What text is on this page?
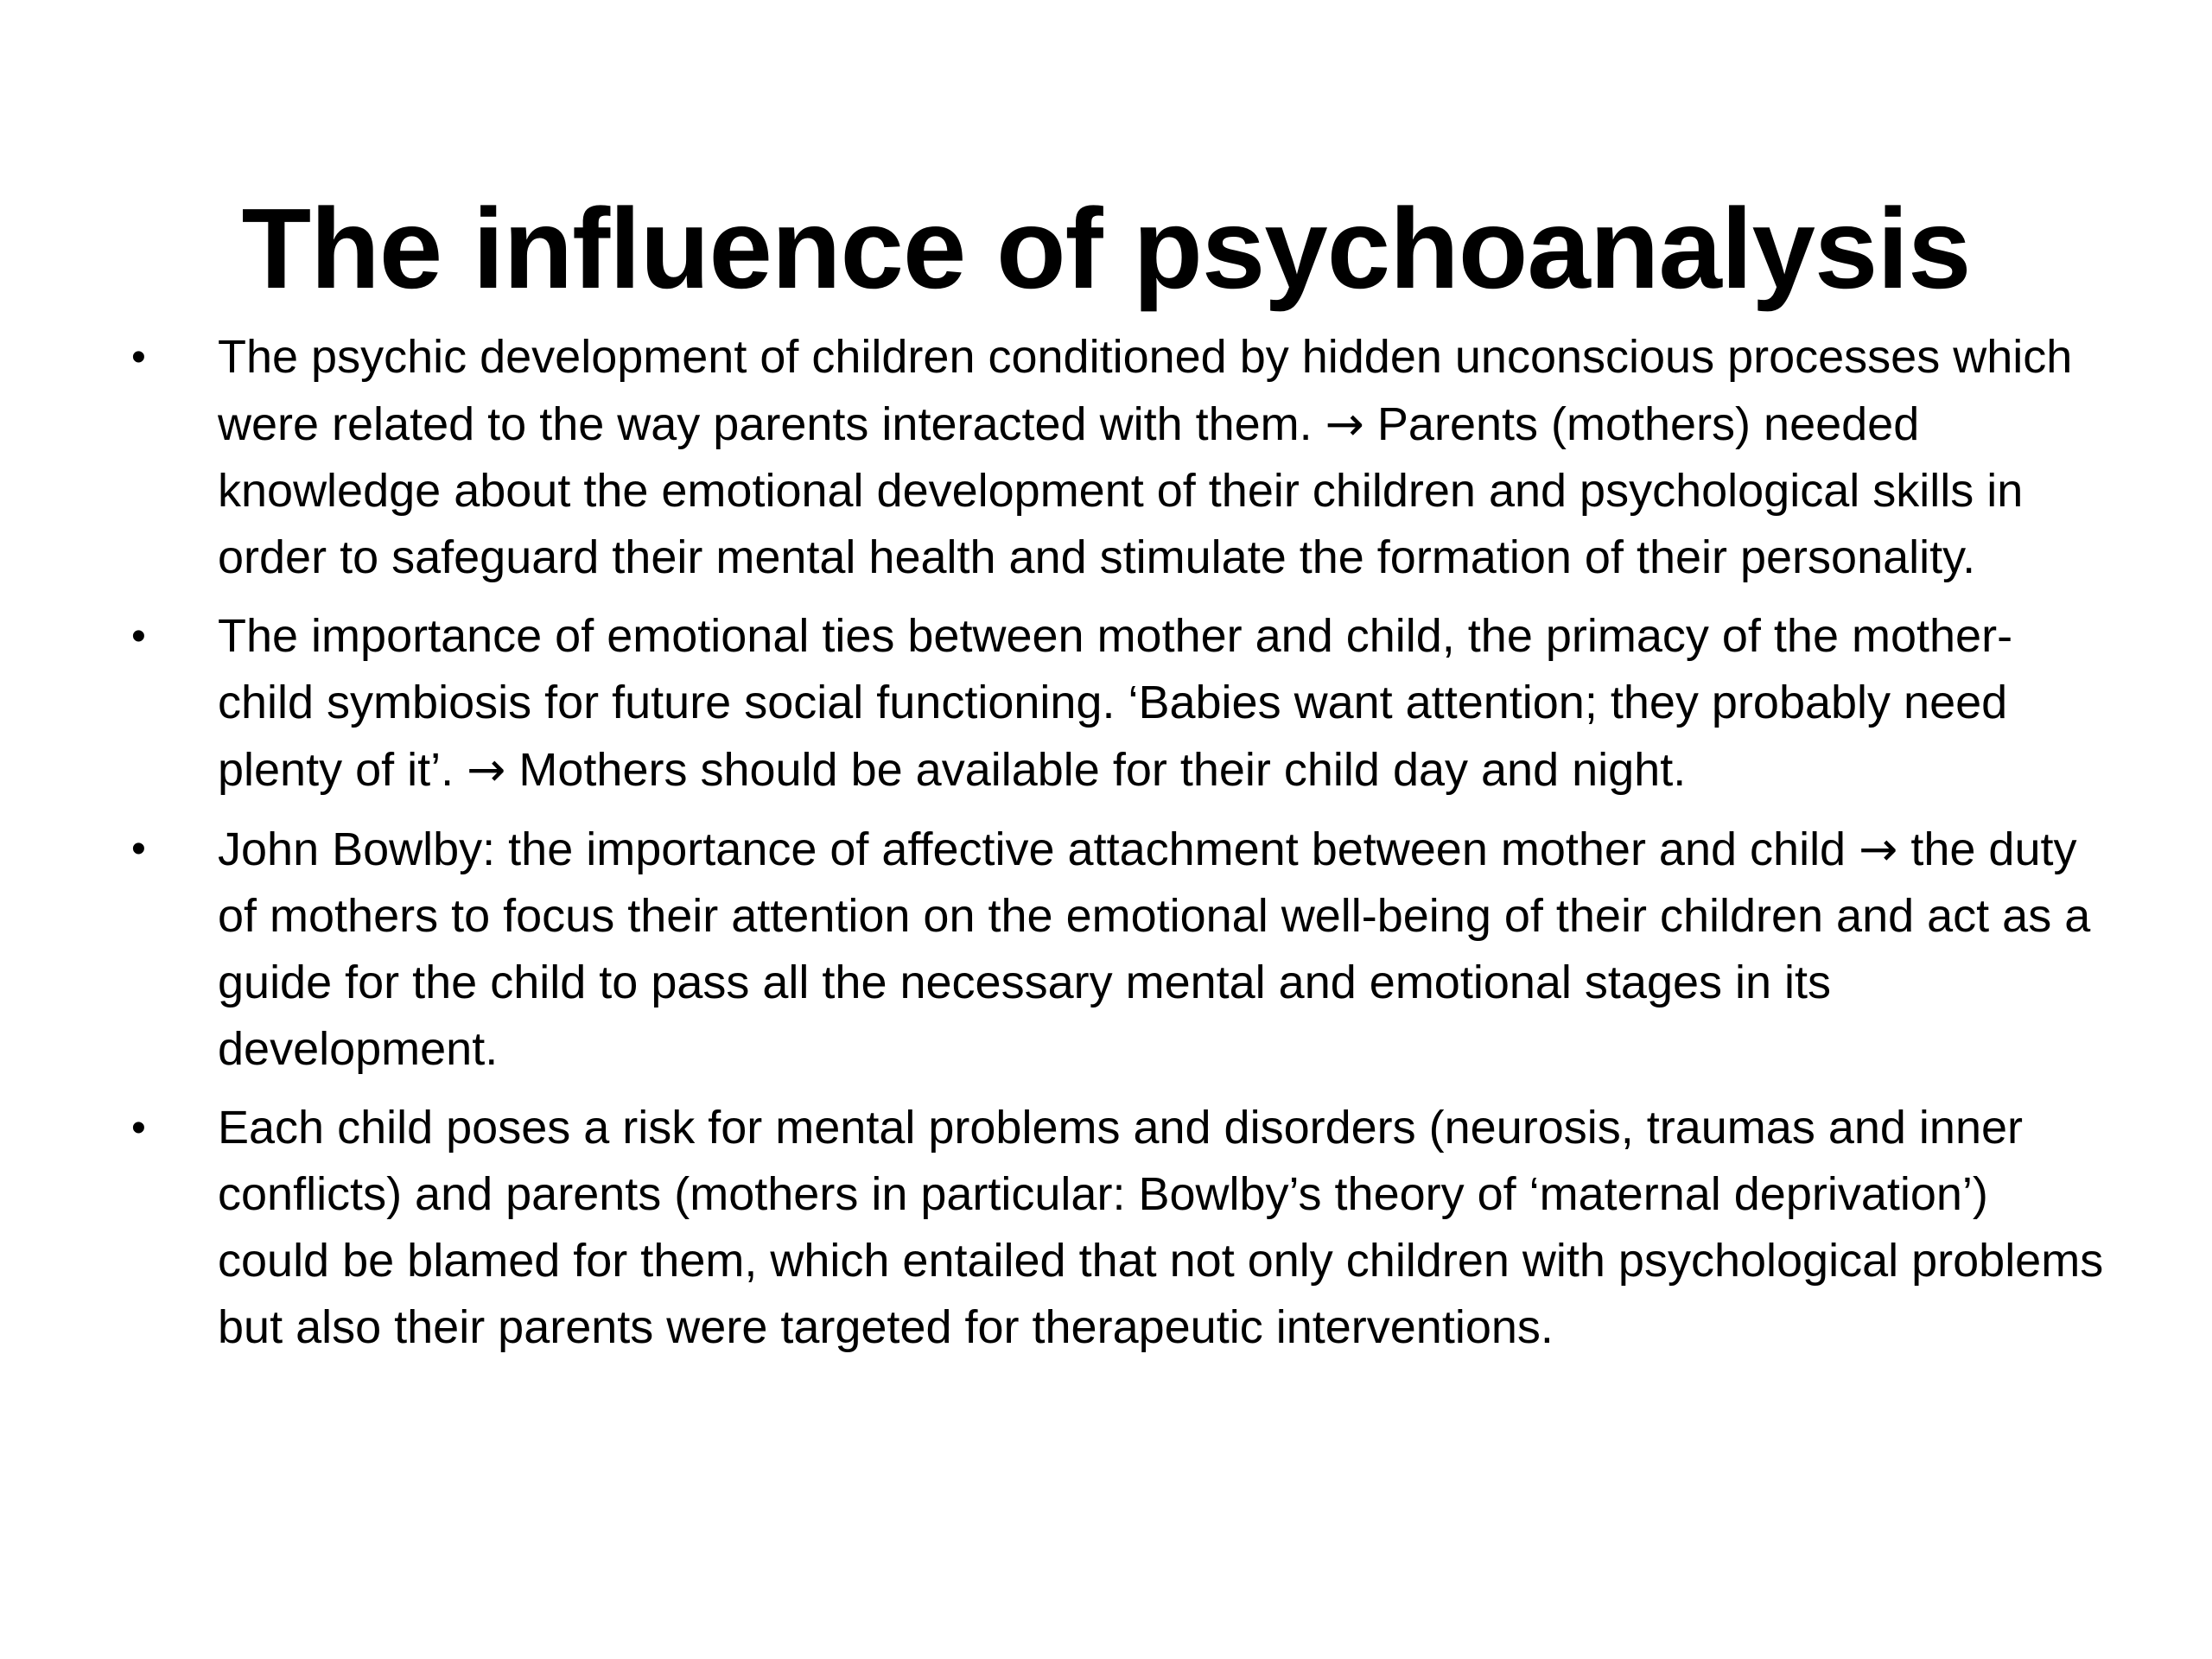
The influence of psychoanalysis
• The psychic development of children conditioned by hidden unconscious processes which were related to the way parents interacted with them. → Parents (mothers) needed knowledge about the emotional development of their children and psychological skills in order to safeguard their mental health and stimulate the formation of their personality.
• The importance of emotional ties between mother and child, the primacy of the mother-child symbiosis for future social functioning. ‘Babies want attention; they probably need plenty of it’. → Mothers should be available for their child day and night.
• John Bowlby: the importance of affective attachment between mother and child → the duty of mothers to focus their attention on the emotional well-being of their children and act as a guide for the child to pass all the necessary mental and emotional stages in its development.
• Each child poses a risk for mental problems and disorders (neurosis, traumas and inner conflicts) and parents (mothers in particular: Bowlby’s theory of ‘maternal deprivation’) could be blamed for them, which entailed that not only children with psychological problems but also their parents were targeted for therapeutic interventions.
